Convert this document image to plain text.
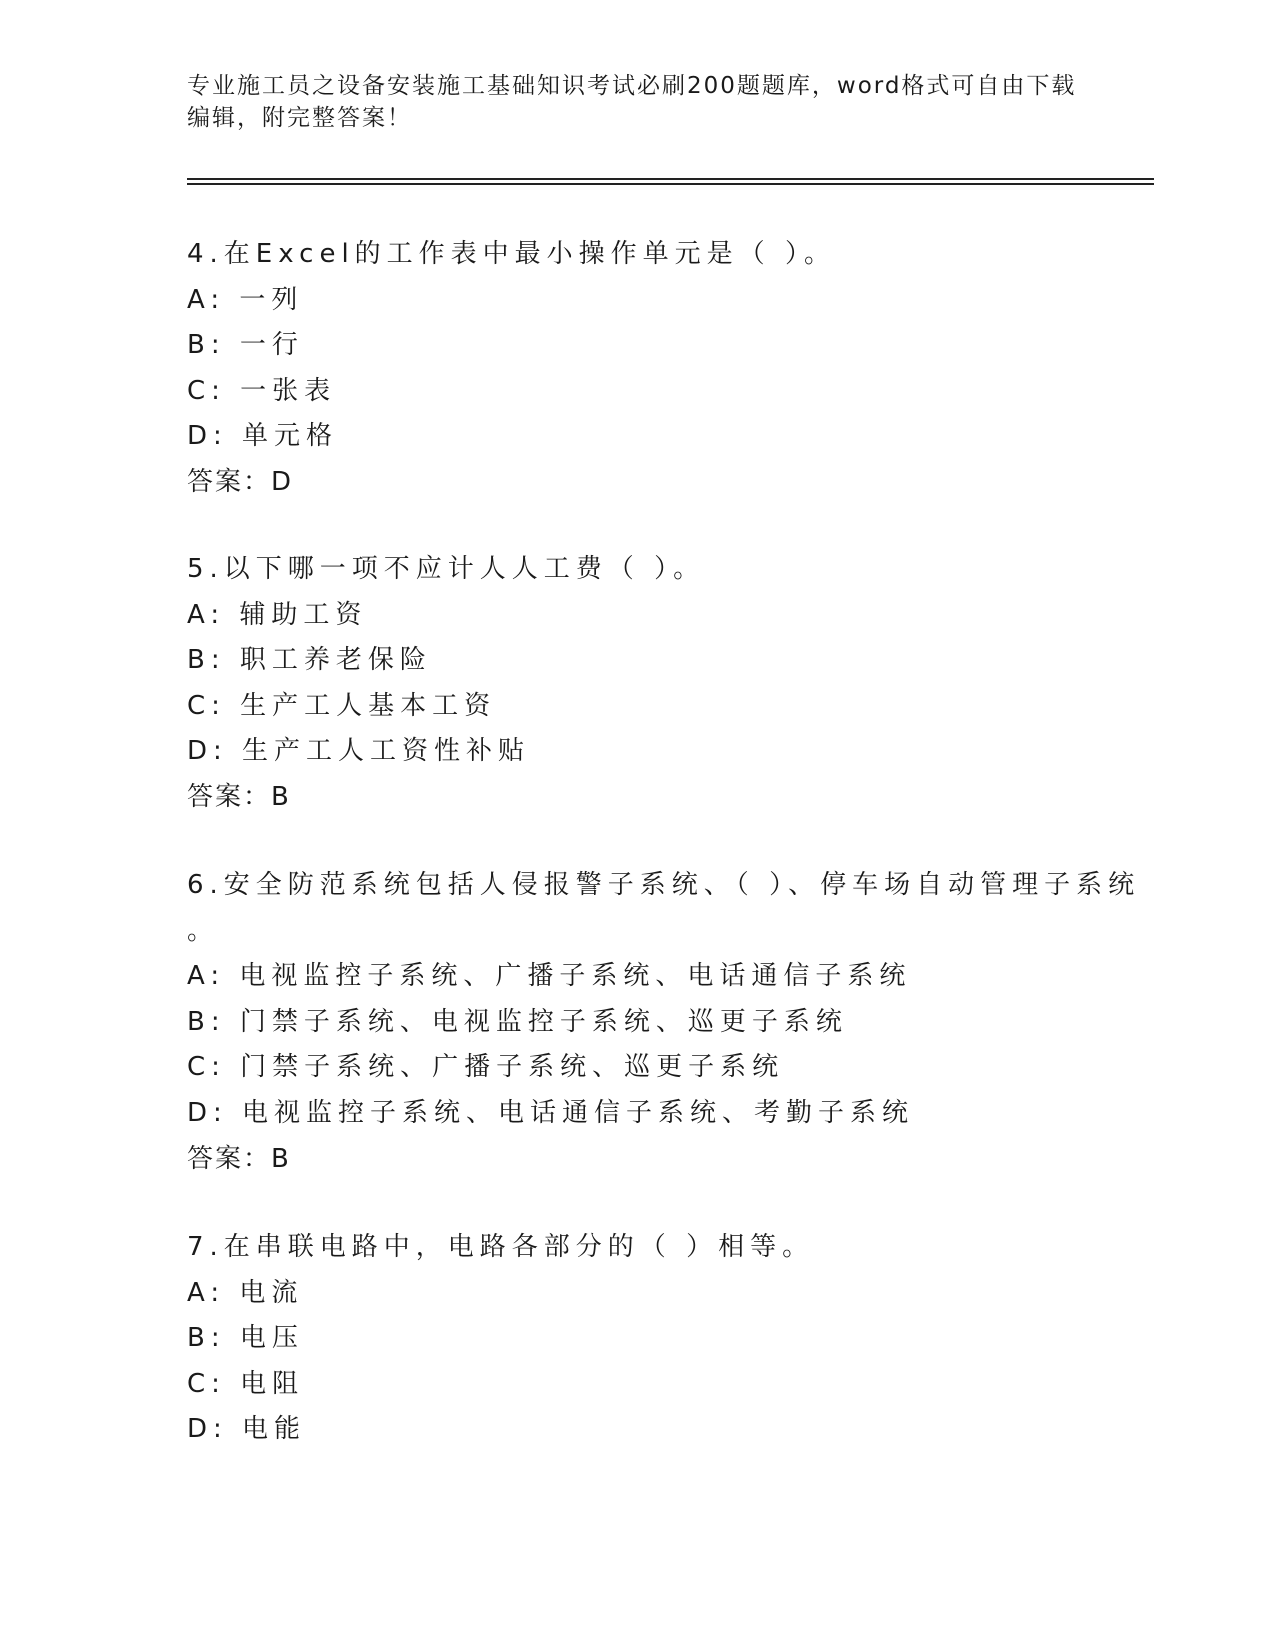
专业施工员之设备安装施工基础知识考试必刷200题题库，word格式可自由下载

编辑，附完整答案！

4.在Excel的工作表中最小操作单元是（ ）。

A: 一列

B: 一行

C: 一张表

D: 单元格

答案：D

5.以下哪一项不应计人人工费（ ）。

A: 辅助工资

B: 职工养老保险

C: 生产工人基本工资

D: 生产工人工资性补贴

答案：B

6.安全防范系统包括人侵报警子系统、（ ）、停车场自动管理子系统

。

A: 电视监控子系统、广播子系统、电话通信子系统

B: 门禁子系统、电视监控子系统、巡更子系统

C: 门禁子系统、广播子系统、巡更子系统

D: 电视监控子系统、电话通信子系统、考勤子系统

答案：B

7.在串联电路中，电路各部分的（ ）相等。

A: 电流

B: 电压

C: 电阻

D: 电能
